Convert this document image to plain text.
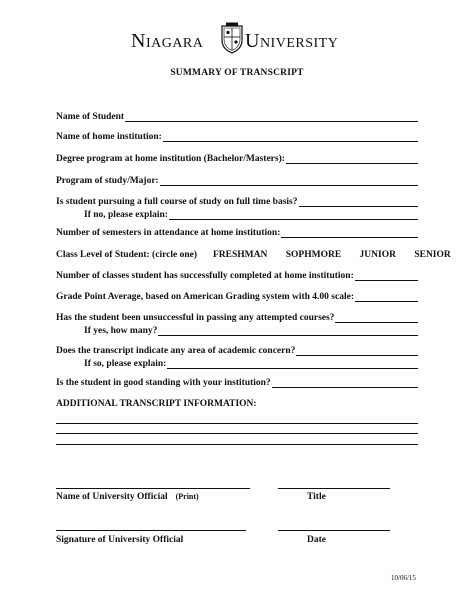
Niagara University
SUMMARY OF TRANSCRIPT
Name of Student
Name of home institution:
Degree program at home institution (Bachelor/Masters):
Program of study/Major:
Is student pursuing a full course of study on full time basis?
If no, please explain:
Number of semesters in attendance at home institution:
Class Level of Student: (circle one) FRESHMAN SOPHMORE JUNIOR SENIOR
Number of classes student has successfully completed at home institution:
Grade Point Average, based on American Grading system with 4.00 scale:
Has the student been unsuccessful in passing any attempted courses?
If yes, how many?
Does the transcript indicate any area of academic concern?
If so, please explain:
Is the student in good standing with your institution?
ADDITIONAL TRANSCRIPT INFORMATION:
Name of University Official (Print)	Title
Signature of University Official	Date
10/06/15
